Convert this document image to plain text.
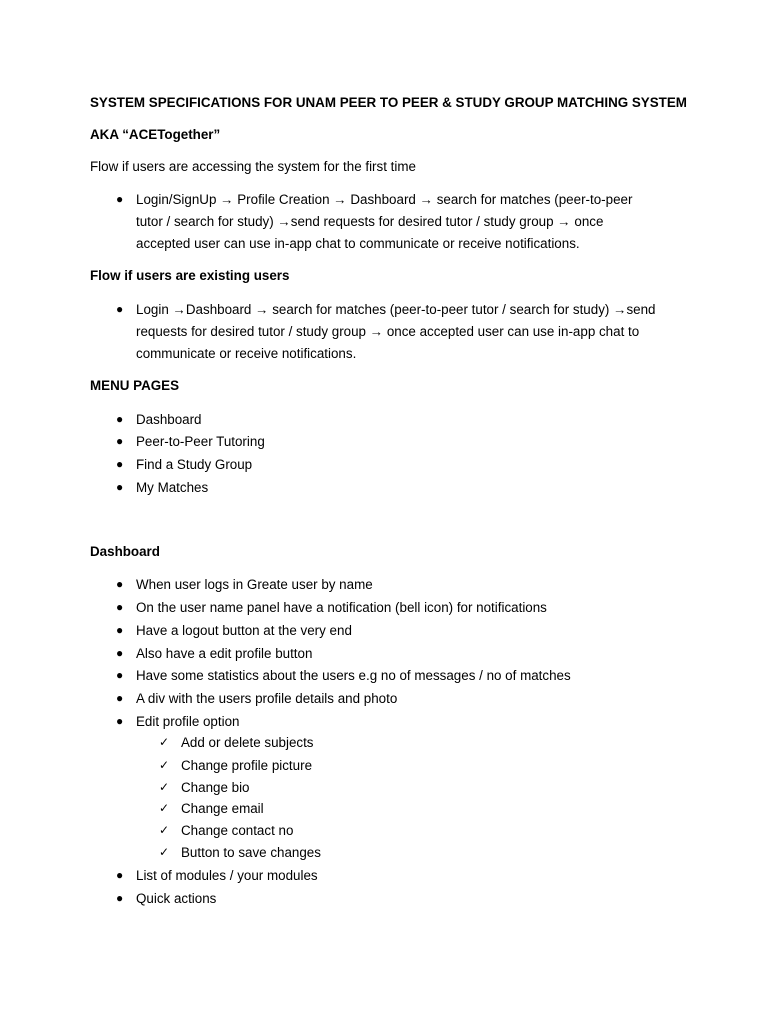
SYSTEM SPECIFICATIONS FOR UNAM PEER TO PEER & STUDY GROUP MATCHING SYSTEM
AKA “ACETogether”
Flow if users are accessing the system for the first time
● Login/SignUp → Profile Creation → Dashboard → search for matches (peer-to-peer
tutor / search for study) →send requests for desired tutor / study group → once
accepted user can use in-app chat to communicate or receive notifications.
Flow if users are existing users
● Login →Dashboard → search for matches (peer-to-peer tutor / search for study) →send
requests for desired tutor / study group → once accepted user can use in-app chat to
communicate or receive notifications.
MENU PAGES
● Dashboard
● Peer-to-Peer Tutoring
● Find a Study Group
● My Matches
Dashboard
● When user logs in Greate user by name
● On the user name panel have a notification (bell icon) for notifications
● Have a logout button at the very end
● Also have a edit profile button
● Have some statistics about the users e.g no of messages / no of matches
● A div with the users profile details and photo
● Edit profile option
✓ Add or delete subjects
✓ Change profile picture
✓ Change bio
✓ Change email
✓ Change contact no
✓ Button to save changes
● List of modules / your modules
● Quick actions
